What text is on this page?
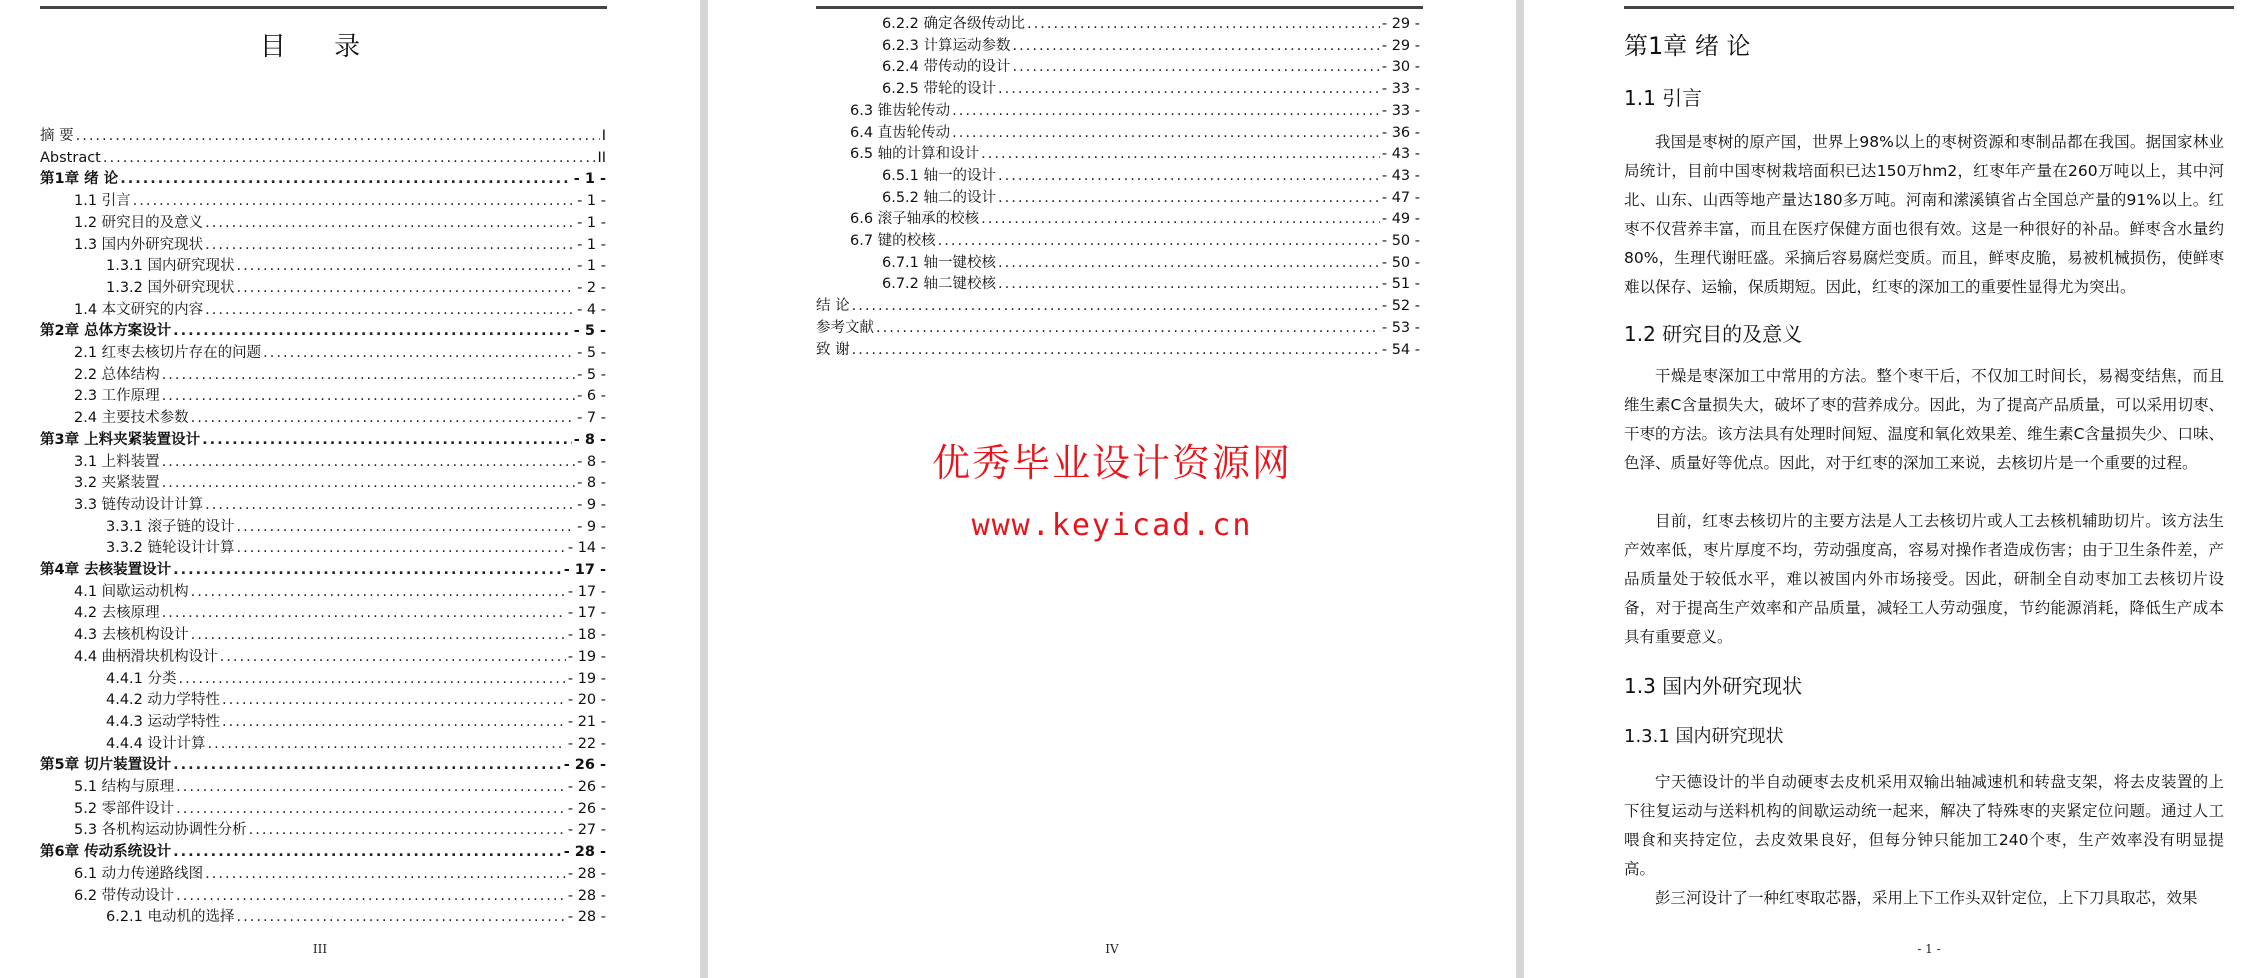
目 录
摘 要 .....	I
Abstract .....	II
第1章 绪 论 .....	- 1 -
1.1 引言 .....	- 1 -
1.2 研究目的及意义 .....	- 1 -
1.3 国内外研究现状 .....	- 1 -
1.3.1 国内研究现状 .....	- 1 -
1.3.2 国外研究现状 .....	- 2 -
1.4 本文研究的内容 .....	- 4 -
第2章 总体方案设计 .....	- 5 -
2.1 红枣去核切片存在的问题 .....	- 5 -
2.2 总体结构 .....	- 5 -
2.3 工作原理 .....	- 6 -
2.4 主要技术参数 .....	- 7 -
第3章 上料夹紧装置设计 .....	- 8 -
3.1 上料装置 .....	- 8 -
3.2 夹紧装置 .....	- 8 -
3.3 链传动设计计算 .....	- 9 -
3.3.1 滚子链的设计 .....	- 9 -
3.3.2 链轮设计计算 .....	- 14 -
第4章 去核装置设计 .....	- 17 -
4.1 间歇运动机构 .....	- 17 -
4.2 去核原理 .....	- 17 -
4.3 去核机构设计 .....	- 18 -
4.4 曲柄滑块机构设计 .....	- 19 -
4.4.1 分类 .....	- 19 -
4.4.2 动力学特性 .....	- 20 -
4.4.3 运动学特性 .....	- 21 -
4.4.4 设计计算 .....	- 22 -
第5章 切片装置设计 .....	- 26 -
5.1 结构与原理 .....	- 26 -
5.2 零部件设计 .....	- 26 -
5.3 各机构运动协调性分析 .....	- 27 -
第6章 传动系统设计 .....	- 28 -
6.1 动力传递路线图 .....	- 28 -
6.2 带传动设计 .....	- 28 -
6.2.1 电动机的选择 .....	- 28 -
III
6.2.2 确定各级传动比 .....	- 29 -
6.2.3 计算运动参数 .....	- 29 -
6.2.4 带传动的设计 .....	- 30 -
6.2.5 带轮的设计 .....	- 33 -
6.3 锥齿轮传动 .....	- 33 -
6.4 直齿轮传动 .....	- 36 -
6.5 轴的计算和设计 .....	- 43 -
6.5.1 轴一的设计 .....	- 43 -
6.5.2 轴二的设计 .....	- 47 -
6.6 滚子轴承的校核 .....	- 49 -
6.7 键的校核 .....	- 50 -
6.7.1 轴一键校核 .....	- 50 -
6.7.2 轴二键校核 .....	- 51 -
结 论 .....	- 52 -
参考文献 .....	- 53 -
致 谢 .....	- 54 -
优秀毕业设计资源网
www.keyicad.cn
IV
第1章 绪 论
1.1 引言

我国是枣树的原产国，世界上98%以上的枣树资源和枣制品都在我国。据国家林业局统计，目前中国枣树栽培面积已达150万hm2，红枣年产量在260万吨以上，其中河北、山东、山西等地产量达180多万吨。河南和潆溪镇省占全国总产量的91%以上。红枣不仅营养丰富，而且在医疗保健方面也很有效。这是一种很好的补品。鲜枣含水量约80%，生理代谢旺盛。采摘后容易腐烂变质。而且，鲜枣皮脆，易被机械损伤，使鲜枣难以保存、运输，保质期短。因此，红枣的深加工的重要性显得尤为突出。

1.2 研究目的及意义

干燥是枣深加工中常用的方法。整个枣干后，不仅加工时间长，易褐变结焦，而且维生素C含量损失大，破坏了枣的营养成分。因此，为了提高产品质量，可以采用切枣、干枣的方法。该方法具有处理时间短、温度和氧化效果差、维生素C含量损失少、口味、色泽、质量好等优点。因此，对于红枣的深加工来说，去核切片是一个重要的过程。

目前，红枣去核切片的主要方法是人工去核切片或人工去核机辅助切片。该方法生产效率低，枣片厚度不均，劳动强度高，容易对操作者造成伤害；由于卫生条件差，产品质量处于较低水平，难以被国内外市场接受。因此，研制全自动枣加工去核切片设备，对于提高生产效率和产品质量，减轻工人劳动强度，节约能源消耗，降低生产成本具有重要意义。

1.3 国内外研究现状
1.3.1 国内研究现状

宁天德设计的半自动硬枣去皮机采用双输出轴减速机和转盘支架，将去皮装置的上下往复运动与送料机构的间歇运动统一起来，解决了特殊枣的夹紧定位问题。通过人工喂食和夹持定位，去皮效果良好，但每分钟只能加工240个枣，生产效率没有明显提高。

彭三河设计了一种红枣取芯器，采用上下工作头双针定位，上下刀具取芯，效果

- 1 -
